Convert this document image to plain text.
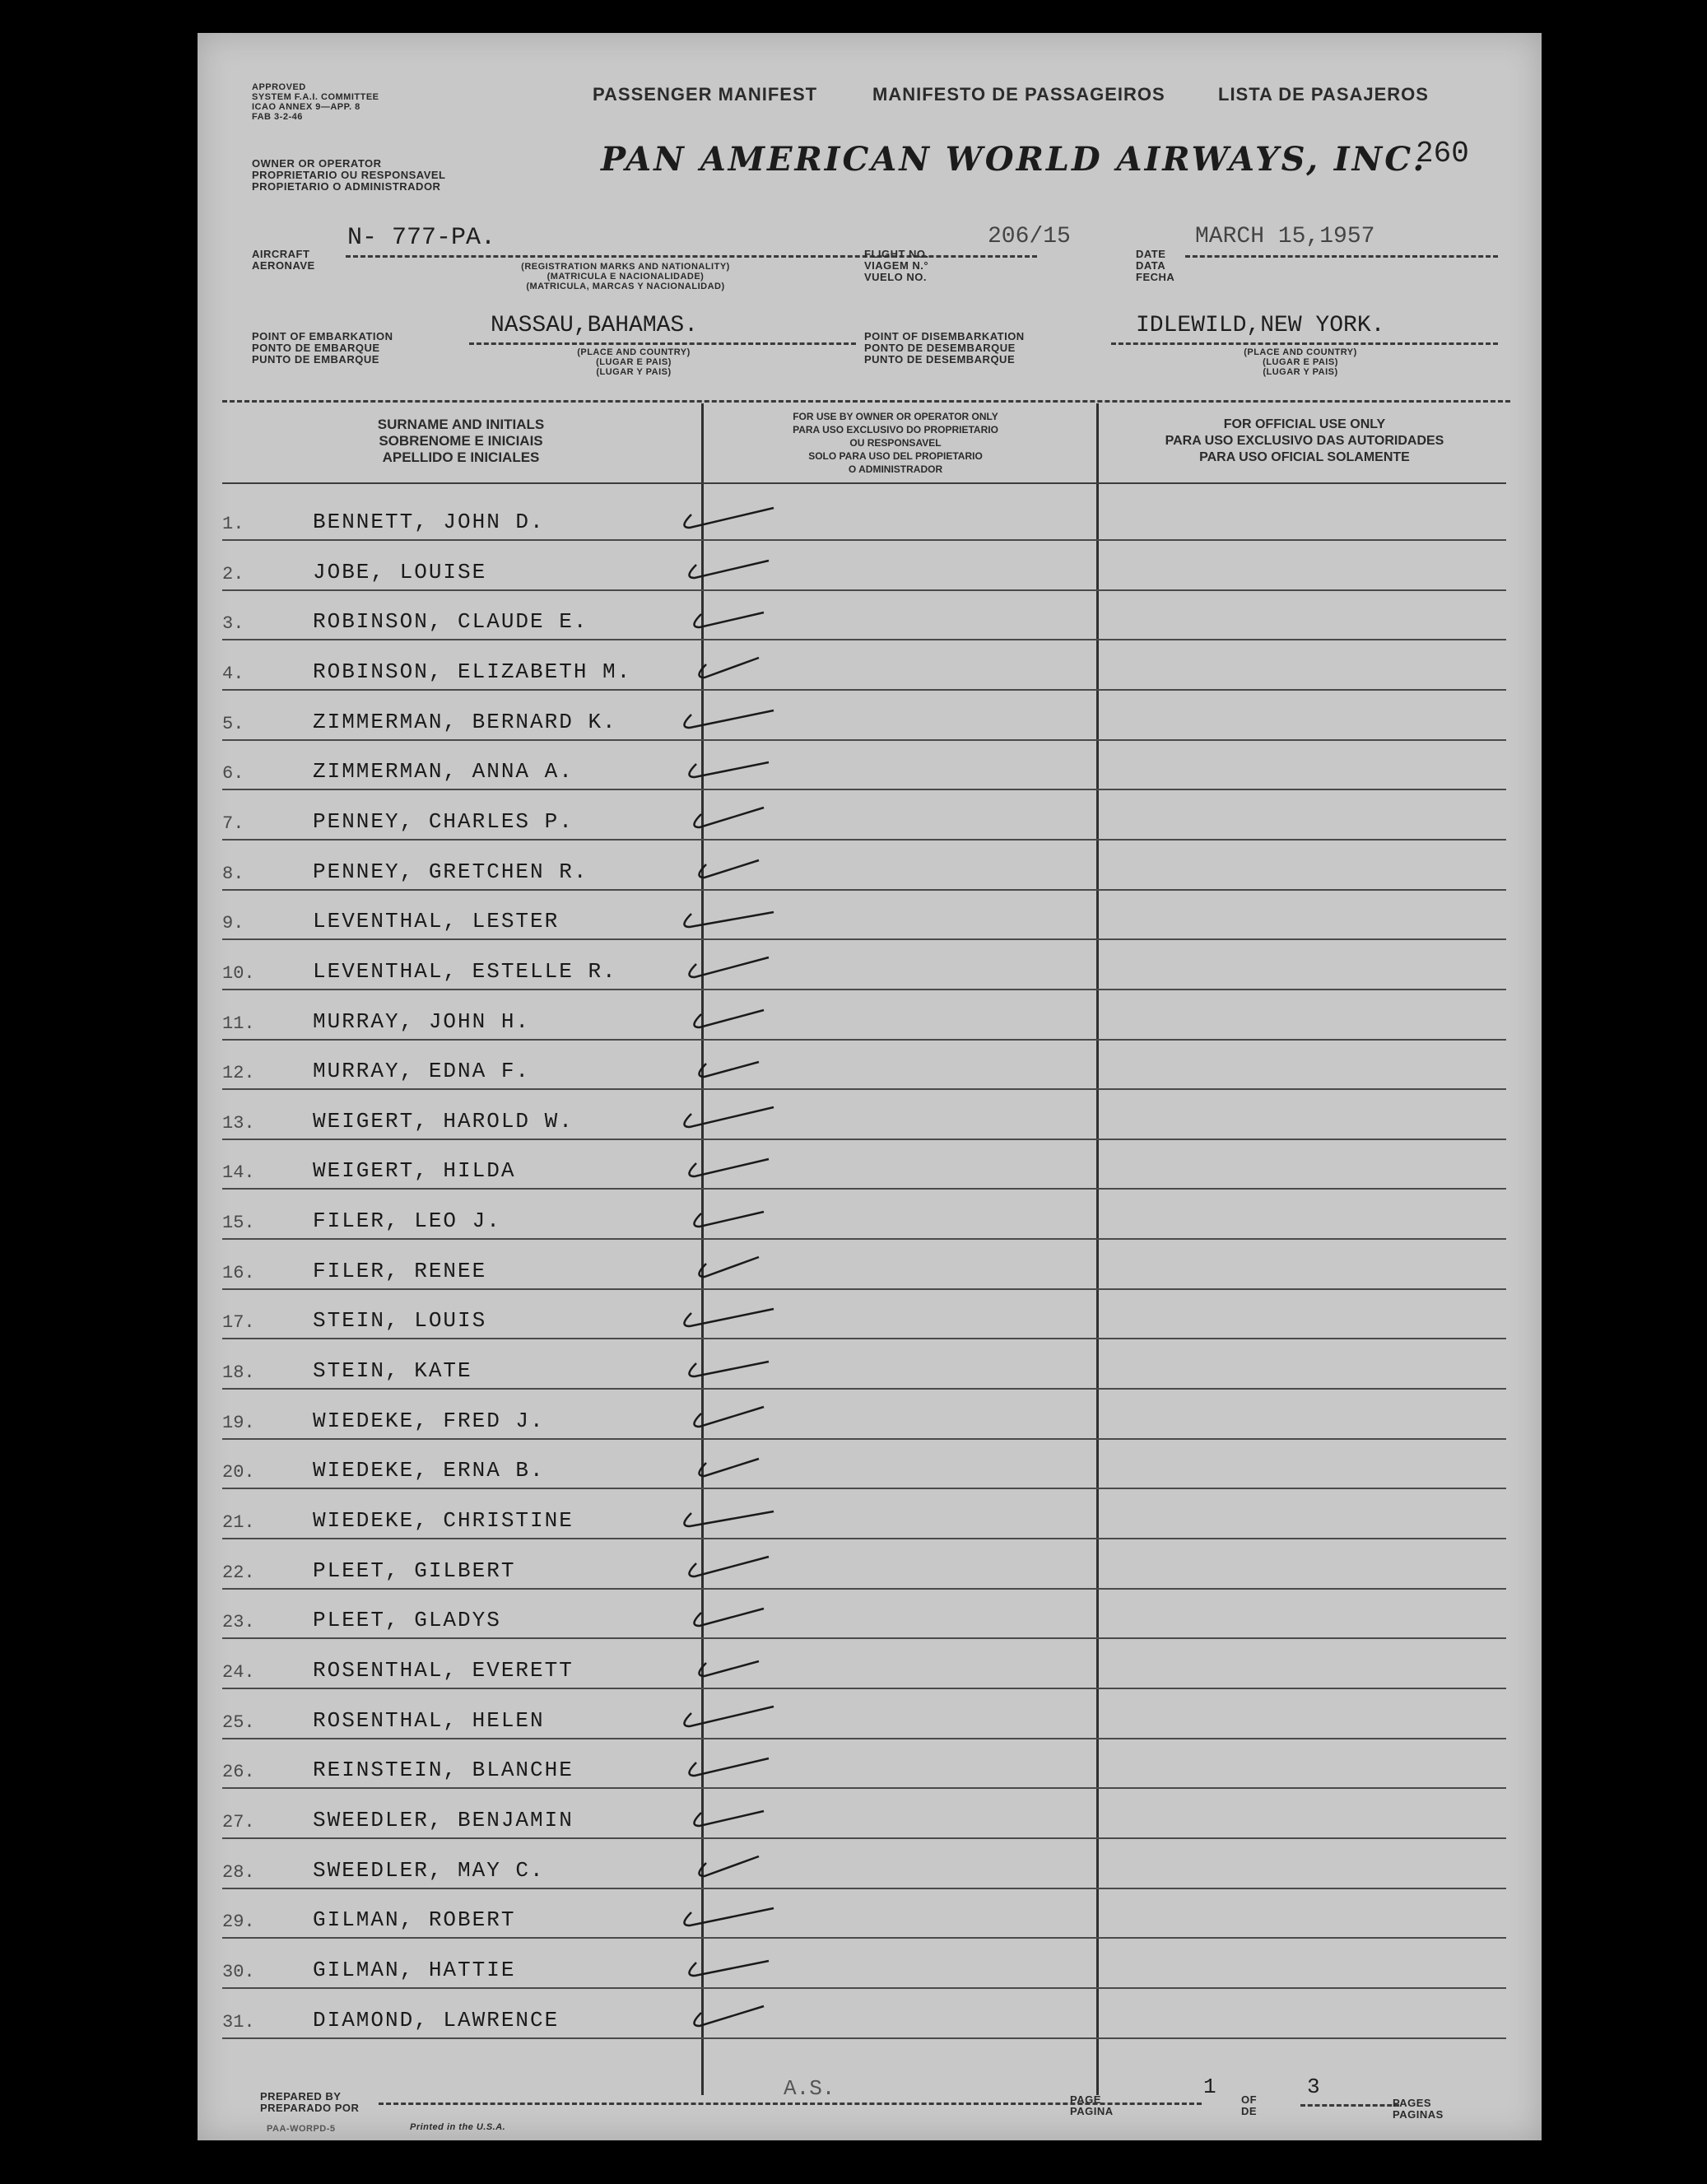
APPROVED
SYSTEM F.A.I. COMMITTEE
ICAO ANNEX 9—APP. 8
FAB 3-2-46
OWNER OR OPERATOR
PROPRIETARIO OU RESPONSAVEL
PROPIETARIO O ADMINISTRADOR
PASSENGER MANIFEST	MANIFESTO DE PASSAGEIROS	LISTA DE PASAJEROS
PAN AMERICAN WORLD AIRWAYS, INC.
260
AIRCRAFT
AERONAVE
N- 777-PA.
(REGISTRATION MARKS AND NATIONALITY)
(MATRICULA E NACIONALIDADE)
(MATRICULA, MARCAS Y NACIONALIDAD)
FLIGHT NO.
VIAGEM N.°
VUELO NO.
206/15
DATE
DATA
FECHA
MARCH 15,1957
POINT OF EMBARKATION
PONTO DE EMBARQUE
PUNTO DE EMBARQUE
NASSAU,BAHAMAS.
(PLACE AND COUNTRY)
(LUGAR E PAIS)
(LUGAR Y PAIS)
POINT OF DISEMBARKATION
PONTO DE DESEMBARQUE
PUNTO DE DESEMBARQUE
IDLEWILD,NEW YORK.
(PLACE AND COUNTRY)
(LUGAR E PAIS)
(LUGAR Y PAIS)
SURNAME AND INITIALS
SOBRENOME E INICIAIS
APELLIDO E INICIALES
FOR USE BY OWNER OR OPERATOR ONLY
PARA USO EXCLUSIVO DO PROPRIETARIO
OU RESPONSAVEL
SOLO PARA USO DEL PROPIETARIO
O ADMINISTRADOR
FOR OFFICIAL USE ONLY
PARA USO EXCLUSIVO DAS AUTORIDADES
PARA USO OFICIAL SOLAMENTE
1.	BENNETT, JOHN D.
2.	JOBE, LOUISE
3.	ROBINSON, CLAUDE E.
4.	ROBINSON, ELIZABETH M.
5.	ZIMMERMAN, BERNARD K.
6.	ZIMMERMAN, ANNA A.
7.	PENNEY, CHARLES P.
8.	PENNEY, GRETCHEN R.
9.	LEVENTHAL, LESTER
10.	LEVENTHAL, ESTELLE R.
11.	MURRAY, JOHN H.
12.	MURRAY, EDNA F.
13.	WEIGERT, HAROLD W.
14.	WEIGERT, HILDA
15.	FILER, LEO J.
16.	FILER, RENEE
17.	STEIN, LOUIS
18.	STEIN, KATE
19.	WIEDEKE, FRED J.
20.	WIEDEKE, ERNA B.
21.	WIEDEKE, CHRISTINE
22.	PLEET, GILBERT
23.	PLEET, GLADYS
24.	ROSENTHAL, EVERETT
25.	ROSENTHAL, HELEN
26.	REINSTEIN, BLANCHE
27.	SWEEDLER, BENJAMIN
28.	SWEEDLER, MAY C.
29.	GILMAN, ROBERT
30.	GILMAN, HATTIE
31.	DIAMOND, LAWRENCE
PREPARED BY
PREPARADO POR
A.S.	PAGE
PAGINA
1
OF
DE
3
PAGES
PAGINAS
PAA-WORPD-5	Printed in the U.S.A.
